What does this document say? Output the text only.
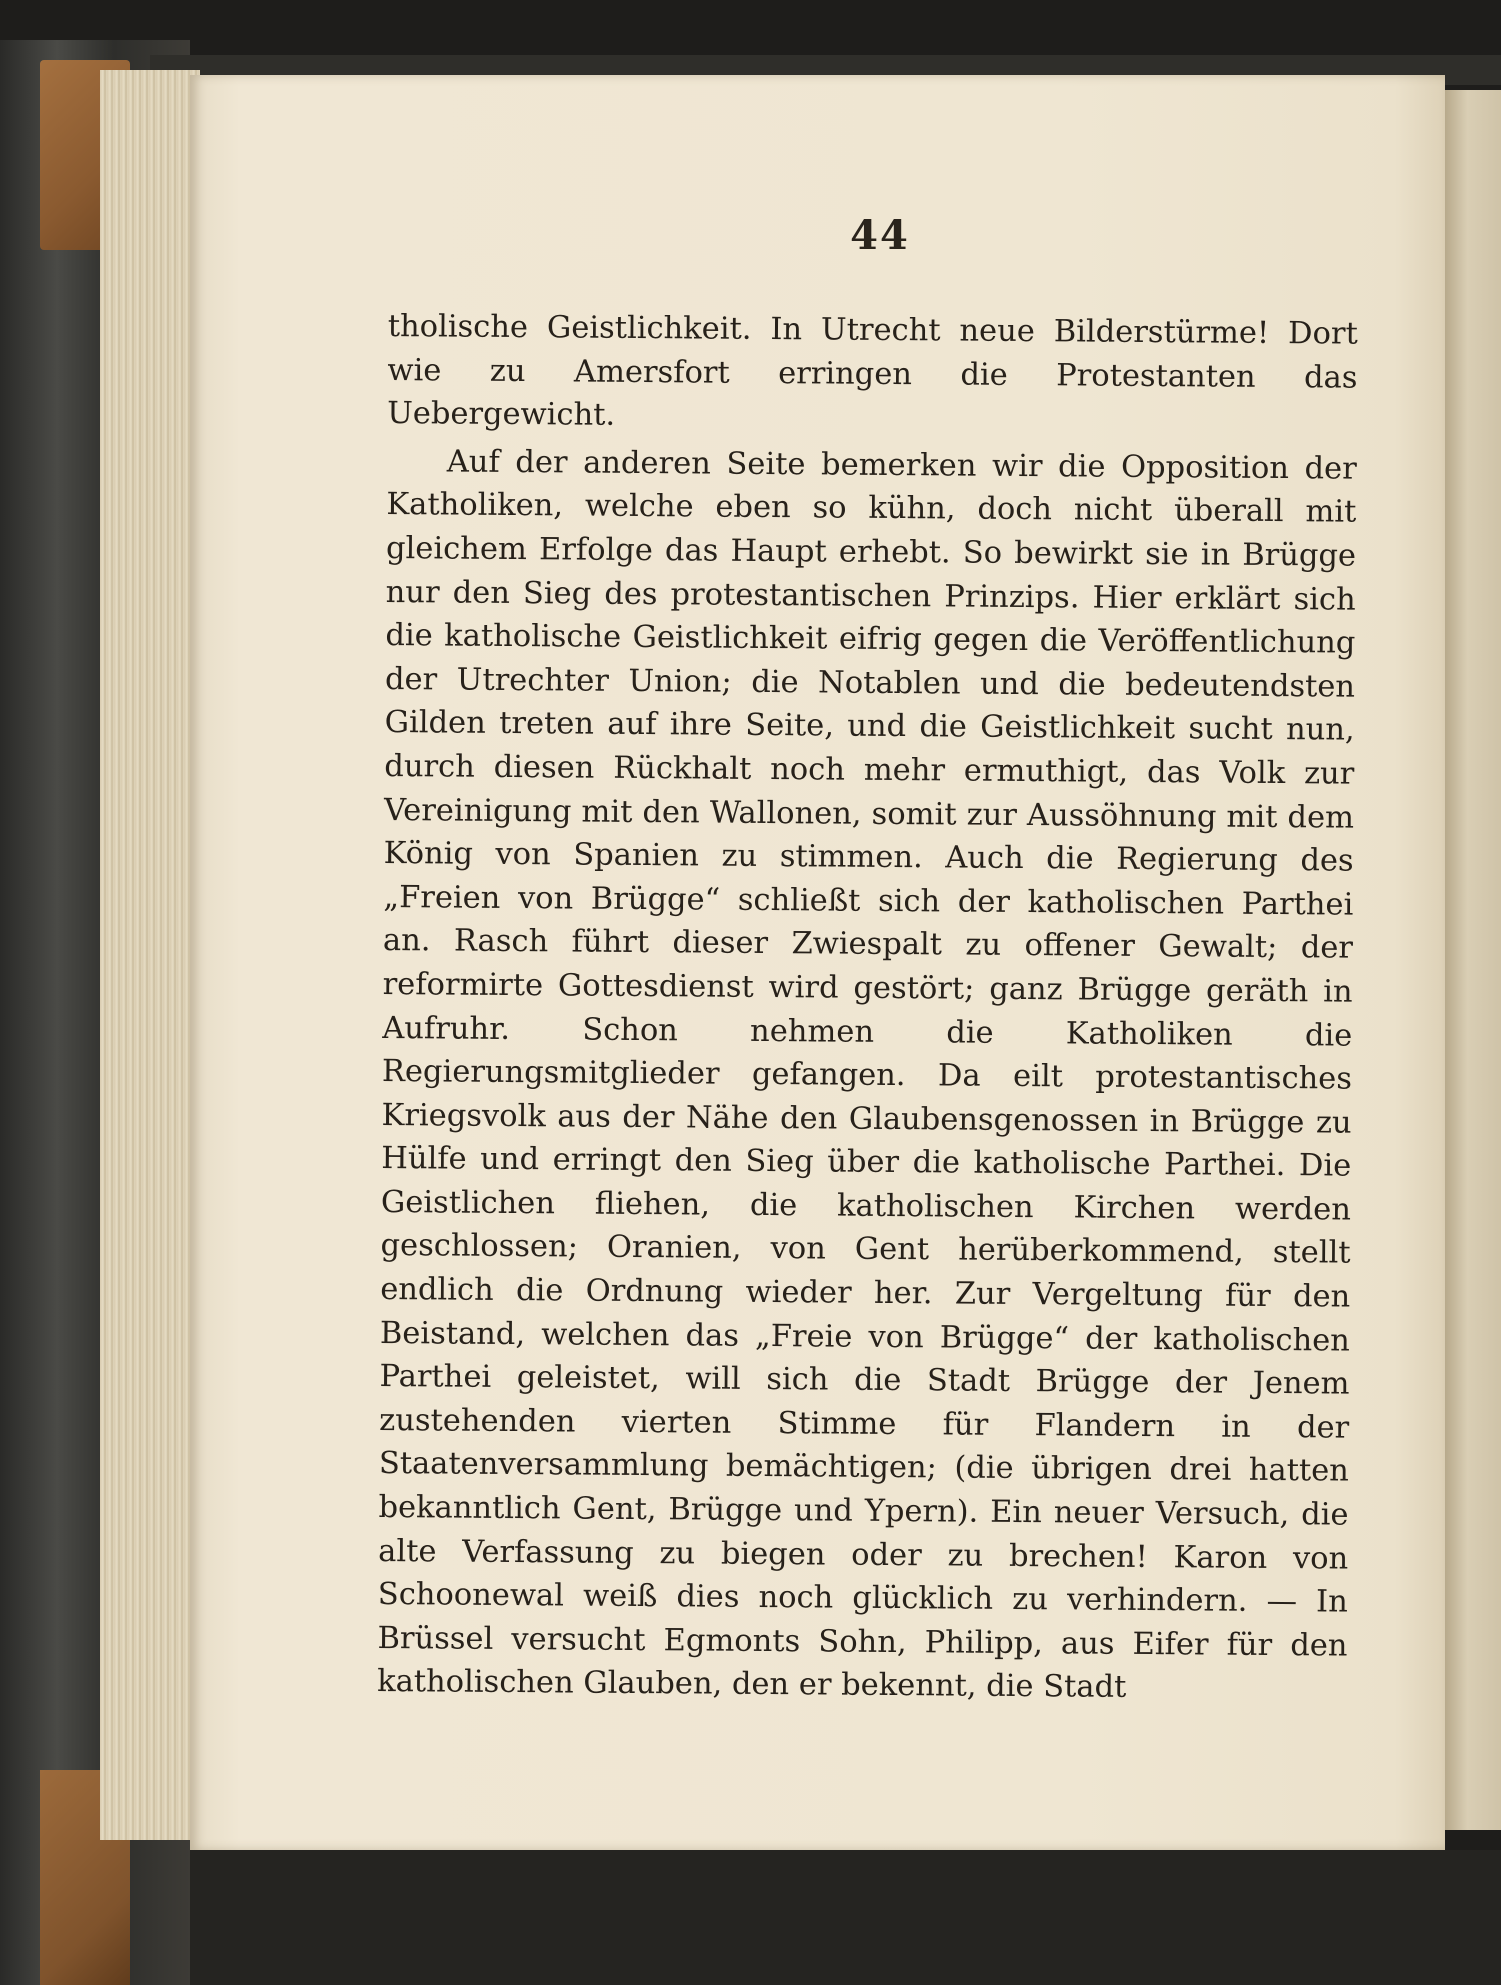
44

tholische Geistlichkeit. In Utrecht neue Bilderstürme! Dort wie zu Amersfort erringen die Protestanten das Uebergewicht.

Auf der anderen Seite bemerken wir die Opposition der Katholiken, welche eben so kühn, doch nicht überall mit gleichem Erfolge das Haupt erhebt. So bewirkt sie in Brügge nur den Sieg des protestantischen Prinzips. Hier erklärt sich die katholische Geistlichkeit eifrig gegen die Veröffentlichung der Utrechter Union; die Notablen und die bedeutendsten Gilden treten auf ihre Seite, und die Geistlichkeit sucht nun, durch diesen Rückhalt noch mehr ermuthigt, das Volk zur Vereinigung mit den Wallonen, somit zur Aussöhnung mit dem König von Spanien zu stimmen. Auch die Regierung des „Freien von Brügge“ schließt sich der katholischen Parthei an. Rasch führt dieser Zwiespalt zu offener Gewalt; der reformirte Gottesdienst wird gestört; ganz Brügge geräth in Aufruhr. Schon nehmen die Katholiken die Regierungsmitglieder gefangen. Da eilt protestantisches Kriegsvolk aus der Nähe den Glaubensgenossen in Brügge zu Hülfe und erringt den Sieg über die katholische Parthei. Die Geistlichen fliehen, die katholischen Kirchen werden geschlossen; Oranien, von Gent herüberkommend, stellt endlich die Ordnung wieder her. Zur Vergeltung für den Beistand, welchen das „Freie von Brügge“ der katholischen Parthei geleistet, will sich die Stadt Brügge der Jenem zustehenden vierten Stimme für Flandern in der Staatenversammlung bemächtigen; (die übrigen drei hatten bekanntlich Gent, Brügge und Ypern). Ein neuer Versuch, die alte Verfassung zu biegen oder zu brechen! Karon von Schoonewal weiß dies noch glücklich zu verhindern. — In Brüssel versucht Egmonts Sohn, Philipp, aus Eifer für den katholischen Glauben, den er bekennt, die Stadt
